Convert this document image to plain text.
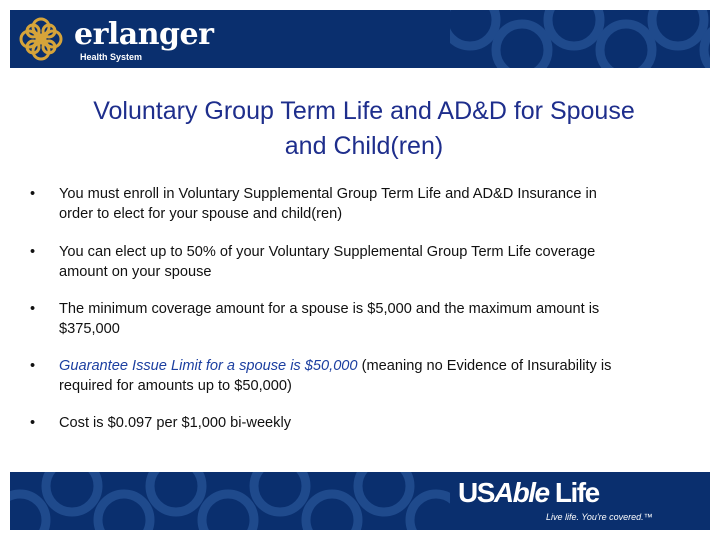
erlanger
Health System
Voluntary Group Term Life and AD&D for Spouse
and Child(ren)
• You must enroll in Voluntary Supplemental Group Term Life and AD&D Insurance in
order to elect for your spouse and child(ren)
• You can elect up to 50% of your Voluntary Supplemental Group Term Life coverage
amount on your spouse
• The minimum coverage amount for a spouse is $5,000 and the maximum amount is
$375,000
• Guarantee Issue Limit for a spouse is $50,000 (meaning no Evidence of Insurability is
required for amounts up to $50,000)
• Cost is $0.097 per $1,000 bi-weekly
USAble Life
Live life. You're covered.™
